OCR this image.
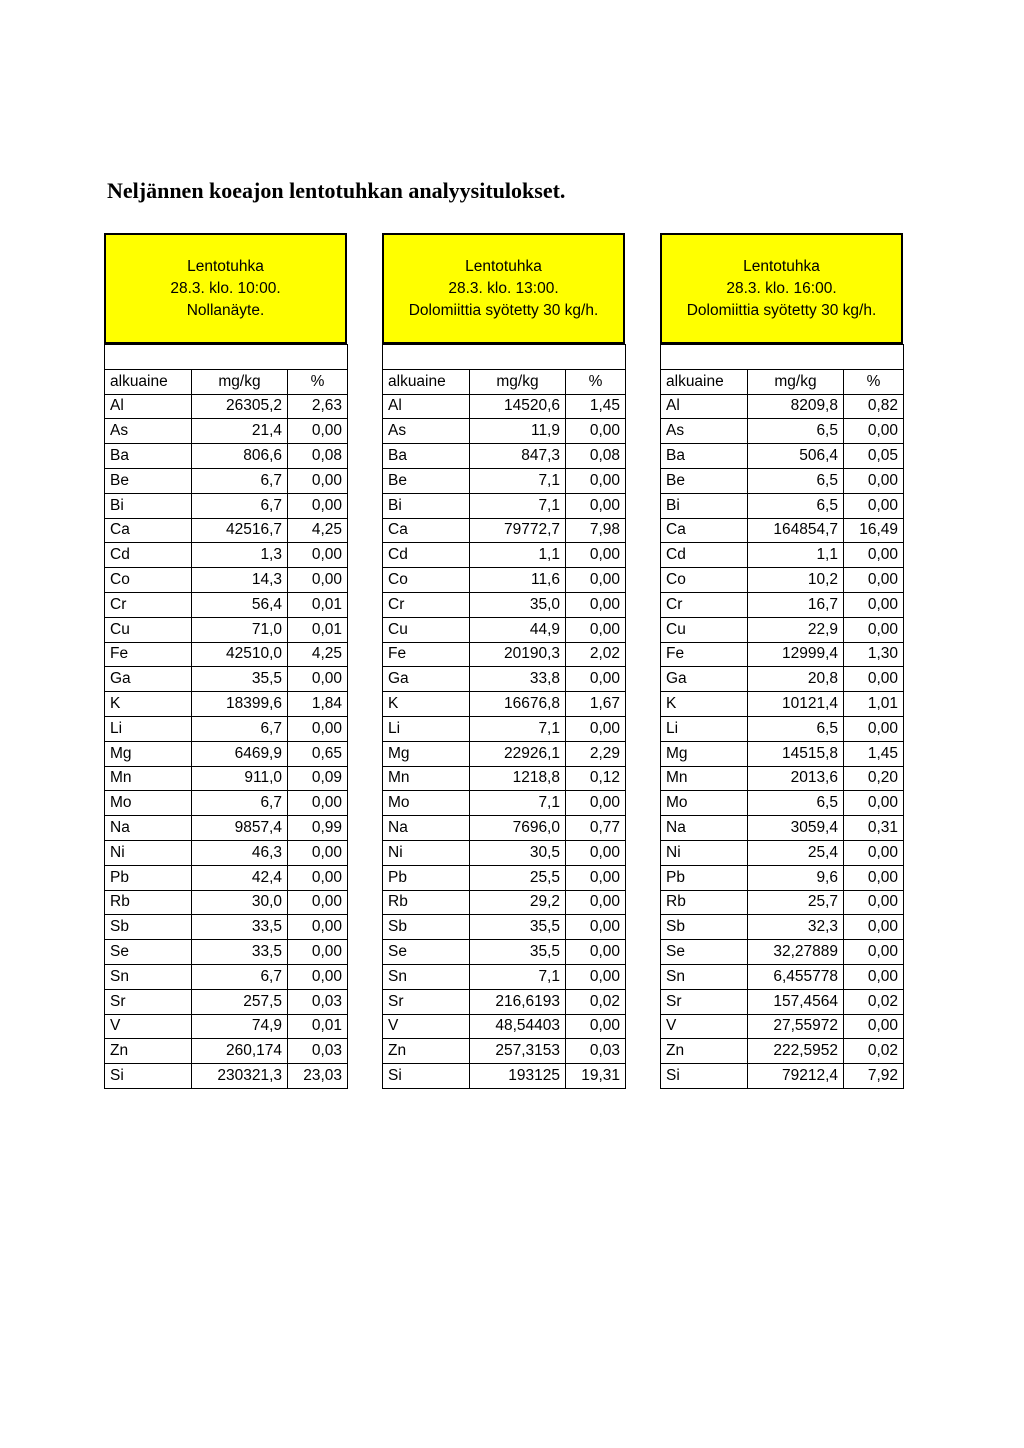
Neljännen koeajon lentotuhkan analyysitulokset.
Lentotuhka
28.3. klo. 10:00.
Nollanäyte.

alkuaine	mg/kg	%
Al	26305,2	2,63
As	21,4	0,00
Ba	806,6	0,08
Be	6,7	0,00
Bi	6,7	0,00
Ca	42516,7	4,25
Cd	1,3	0,00
Co	14,3	0,00
Cr	56,4	0,01
Cu	71,0	0,01
Fe	42510,0	4,25
Ga	35,5	0,00
K	18399,6	1,84
Li	6,7	0,00
Mg	6469,9	0,65
Mn	911,0	0,09
Mo	6,7	0,00
Na	9857,4	0,99
Ni	46,3	0,00
Pb	42,4	0,00
Rb	30,0	0,00
Sb	33,5	0,00
Se	33,5	0,00
Sn	6,7	0,00
Sr	257,5	0,03
V	74,9	0,01
Zn	260,174	0,03
Si	230321,3	23,03
Lentotuhka
28.3. klo. 13:00.
Dolomiittia syötetty 30 kg/h.

alkuaine	mg/kg	%
Al	14520,6	1,45
As	11,9	0,00
Ba	847,3	0,08
Be	7,1	0,00
Bi	7,1	0,00
Ca	79772,7	7,98
Cd	1,1	0,00
Co	11,6	0,00
Cr	35,0	0,00
Cu	44,9	0,00
Fe	20190,3	2,02
Ga	33,8	0,00
K	16676,8	1,67
Li	7,1	0,00
Mg	22926,1	2,29
Mn	1218,8	0,12
Mo	7,1	0,00
Na	7696,0	0,77
Ni	30,5	0,00
Pb	25,5	0,00
Rb	29,2	0,00
Sb	35,5	0,00
Se	35,5	0,00
Sn	7,1	0,00
Sr	216,6193	0,02
V	48,54403	0,00
Zn	257,3153	0,03
Si	193125	19,31
Lentotuhka
28.3. klo. 16:00.
Dolomiittia syötetty 30 kg/h.

alkuaine	mg/kg	%
Al	8209,8	0,82
As	6,5	0,00
Ba	506,4	0,05
Be	6,5	0,00
Bi	6,5	0,00
Ca	164854,7	16,49
Cd	1,1	0,00
Co	10,2	0,00
Cr	16,7	0,00
Cu	22,9	0,00
Fe	12999,4	1,30
Ga	20,8	0,00
K	10121,4	1,01
Li	6,5	0,00
Mg	14515,8	1,45
Mn	2013,6	0,20
Mo	6,5	0,00
Na	3059,4	0,31
Ni	25,4	0,00
Pb	9,6	0,00
Rb	25,7	0,00
Sb	32,3	0,00
Se	32,27889	0,00
Sn	6,455778	0,00
Sr	157,4564	0,02
V	27,55972	0,00
Zn	222,5952	0,02
Si	79212,4	7,92
